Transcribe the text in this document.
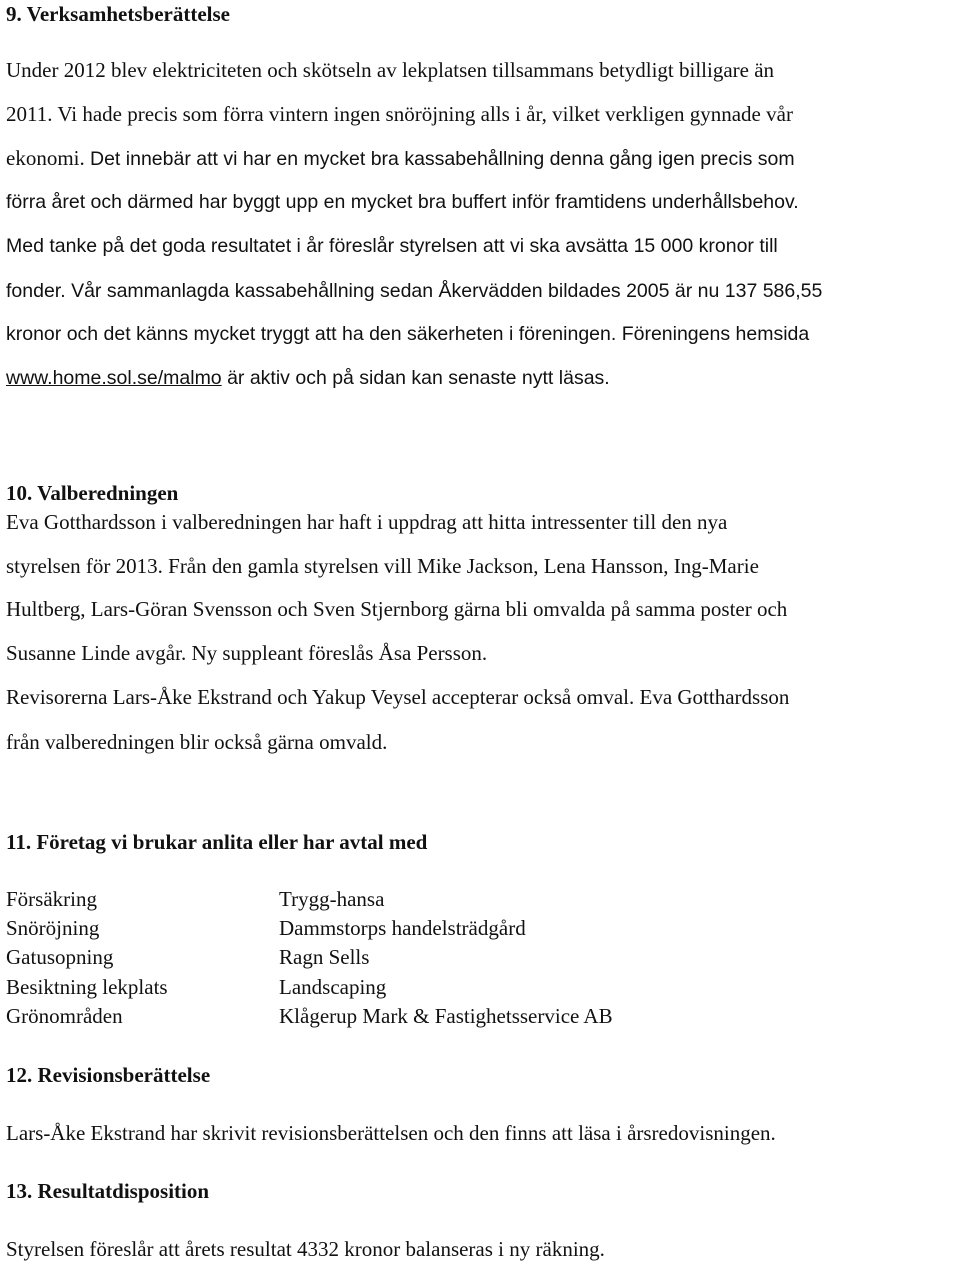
9. Verksamhetsberättelse
Under 2012 blev elektriciteten och skötseln av lekplatsen tillsammans betydligt billigare än
2011. Vi hade precis som förra vintern ingen snöröjning alls i år, vilket verkligen gynnade vår
ekonomi. Det innebär att vi har en mycket bra kassabehållning denna gång igen precis som
förra året och därmed har byggt upp en mycket bra buffert inför framtidens underhållsbehov.
Med tanke på det goda resultatet i år föreslår styrelsen att vi ska avsätta 15 000 kronor till
fonder. Vår sammanlagda kassabehållning sedan Åkervädden bildades 2005 är nu 137 586,55
kronor och det känns mycket tryggt att ha den säkerheten i föreningen. Föreningens hemsida
www.home.sol.se/malmo är aktiv och på sidan kan senaste nytt läsas.
10. Valberedningen
Eva Gotthardsson i valberedningen har haft i uppdrag att hitta intressenter till den nya
styrelsen för 2013. Från den gamla styrelsen vill Mike Jackson, Lena Hansson, Ing-Marie
Hultberg, Lars-Göran Svensson och Sven Stjernborg gärna bli omvalda på samma poster och
Susanne Linde avgår. Ny suppleant föreslås Åsa Persson.
Revisorerna Lars-Åke Ekstrand och Yakup Veysel accepterar också omval. Eva Gotthardsson
från valberedningen blir också gärna omvald.
11. Företag vi brukar anlita eller har avtal med
Försäkring	Trygg-hansa
Snöröjning	Dammstorps handelsträdgård
Gatusopning	Ragn Sells
Besiktning lekplats	Landscaping
Grönområden	Klågerup Mark & Fastighetsservice AB
12. Revisionsberättelse
Lars-Åke Ekstrand har skrivit revisionsberättelsen och den finns att läsa i årsredovisningen.
13. Resultatdisposition
Styrelsen föreslår att årets resultat 4332 kronor balanseras i ny räkning.
